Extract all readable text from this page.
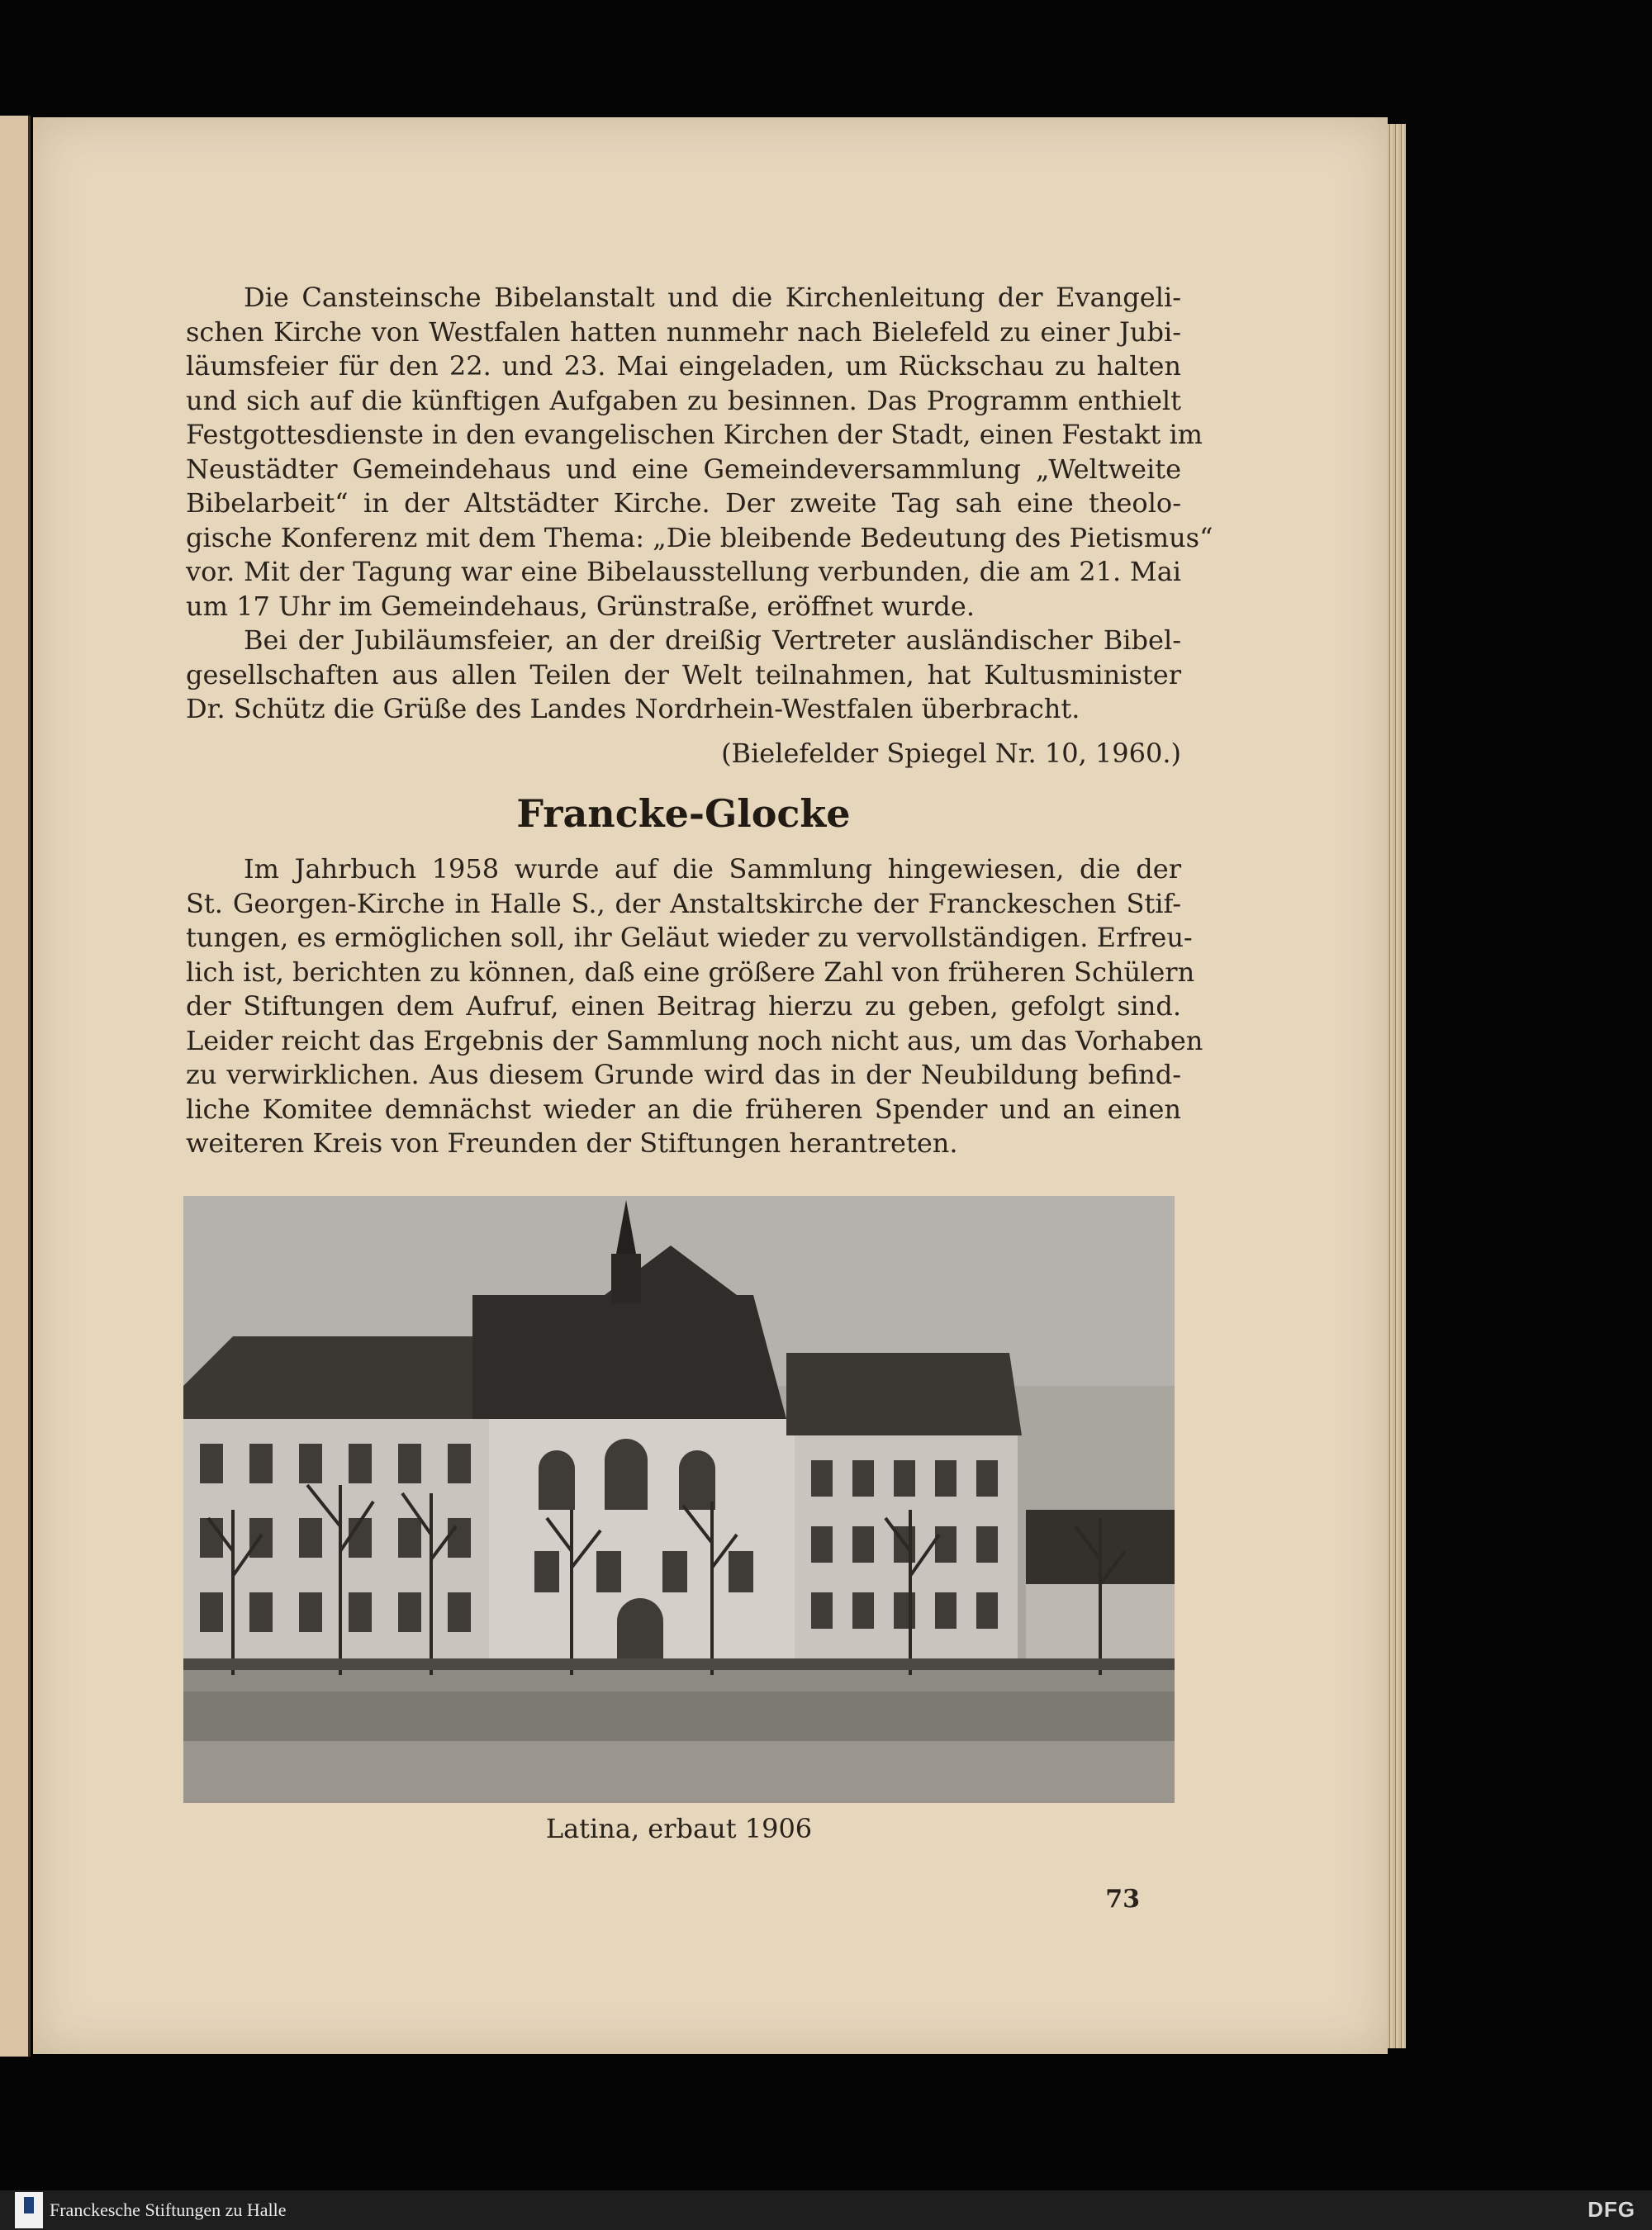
Die Cansteinsche Bibelanstalt und die Kirchenleitung der Evangeli-
schen Kirche von Westfalen hatten nunmehr nach Bielefeld zu einer Jubi-
läumsfeier für den 22. und 23. Mai eingeladen, um Rückschau zu halten
und sich auf die künftigen Aufgaben zu besinnen. Das Programm enthielt
Festgottesdienste in den evangelischen Kirchen der Stadt, einen Festakt im
Neustädter Gemeindehaus und eine Gemeindeversammlung „Weltweite
Bibelarbeit“ in der Altstädter Kirche. Der zweite Tag sah eine theolo-
gische Konferenz mit dem Thema: „Die bleibende Bedeutung des Pietismus“
vor. Mit der Tagung war eine Bibelausstellung verbunden, die am 21. Mai
um 17 Uhr im Gemeindehaus, Grünstraße, eröffnet wurde.

Bei der Jubiläumsfeier, an der dreißig Vertreter ausländischer Bibel-
gesellschaften aus allen Teilen der Welt teilnahmen, hat Kultusminister
Dr. Schütz die Grüße des Landes Nordrhein-Westfalen überbracht.

(Bielefelder Spiegel Nr. 10, 1960.)
Francke-Glocke

Im Jahrbuch 1958 wurde auf die Sammlung hingewiesen, die der
St. Georgen-Kirche in Halle S., der Anstaltskirche der Franckeschen Stif-
tungen, es ermöglichen soll, ihr Geläut wieder zu vervollständigen. Erfreu-
lich ist, berichten zu können, daß eine größere Zahl von früheren Schülern
der Stiftungen dem Aufruf, einen Beitrag hierzu zu geben, gefolgt sind.
Leider reicht das Ergebnis der Sammlung noch nicht aus, um das Vorhaben
zu verwirklichen. Aus diesem Grunde wird das in der Neubildung befind-
liche Komitee demnächst wieder an die früheren Spender und an einen
weiteren Kreis von Freunden der Stiftungen herantreten.

Latina, erbaut 1906
73
Franckesche Stiftungen zu Halle	DFG
